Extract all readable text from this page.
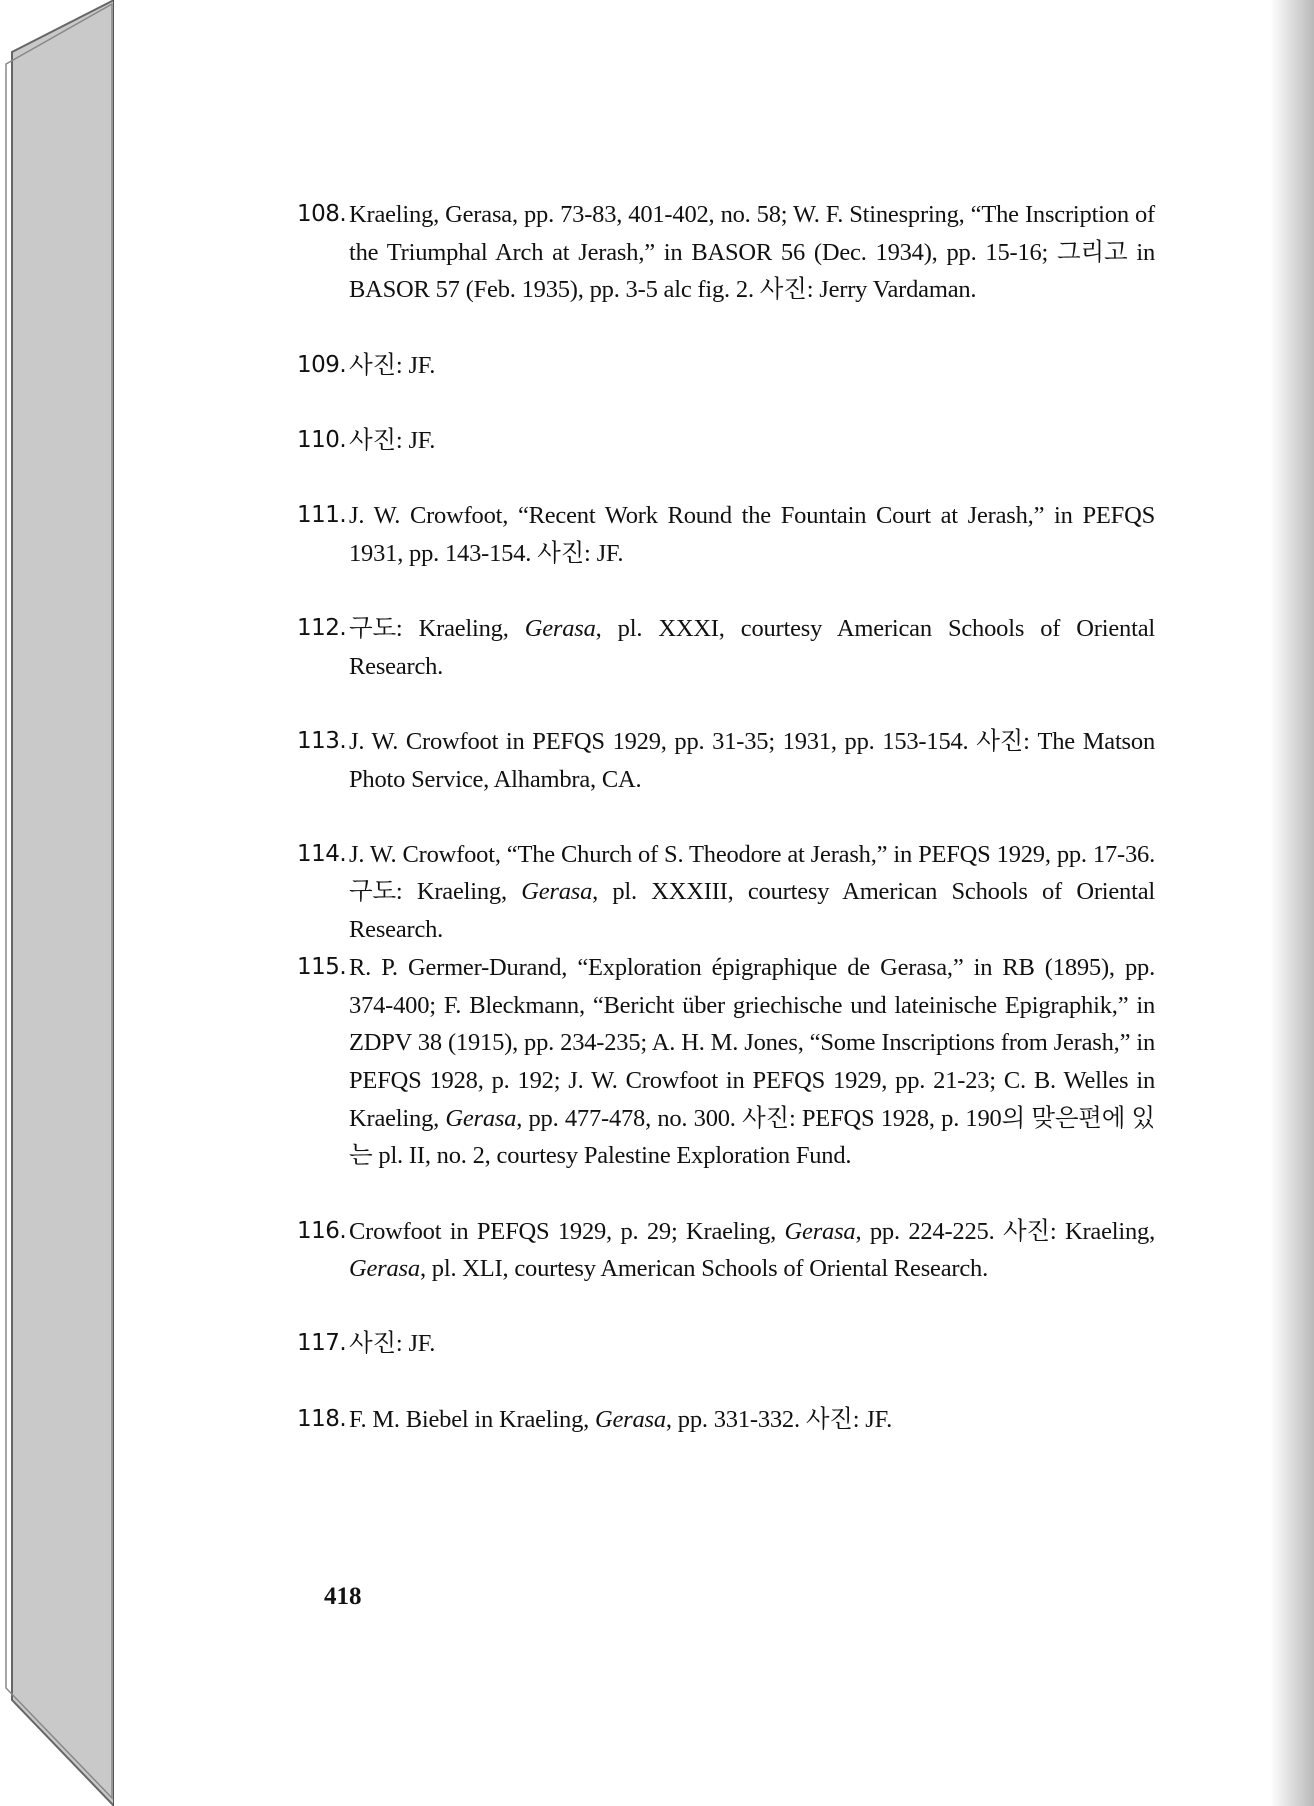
108. Kraeling, Gerasa, pp. 73-83, 401-402, no. 58; W. F. Stinespring, “The Inscription of the Triumphal Arch at Jerash,” in BASOR 56 (Dec. 1934), pp. 15-16; 그리고 in BASOR 57 (Feb. 1935), pp. 3-5 alc fig. 2. 사진: Jerry Vardaman.

109. 사진: JF.

110. 사진: JF.

111. J. W. Crowfoot, “Recent Work Round the Fountain Court at Jerash,” in PEFQS 1931, pp. 143-154. 사진: JF.

112. 구도: Kraeling, Gerasa, pl. XXXI, courtesy American Schools of Oriental Research.

113. J. W. Crowfoot in PEFQS 1929, pp. 31-35; 1931, pp. 153-154. 사진: The Matson Photo Service, Alhambra, CA.

114. J. W. Crowfoot, “The Church of S. Theodore at Jerash,” in PEFQS 1929, pp. 17-36. 구도: Kraeling, Gerasa, pl. XXXIII, courtesy American Schools of Oriental Research.

115. R. P. Germer-Durand, “Exploration épigraphique de Gerasa,” in RB (1895), pp. 374-400; F. Bleckmann, “Bericht über griechische und lateinische Epigraphik,” in ZDPV 38 (1915), pp. 234-235; A. H. M. Jones, “Some Inscriptions from Jerash,” in PEFQS 1928, p. 192; J. W. Crowfoot in PEFQS 1929, pp. 21-23; C. B. Welles in Kraeling, Gerasa, pp. 477-478, no. 300. 사진: PEFQS 1928, p. 190의 맞은편에 있는 pl. II, no. 2, courtesy Palestine Exploration Fund.

116. Crowfoot in PEFQS 1929, p. 29; Kraeling, Gerasa, pp. 224-225. 사진: Kraeling, Gerasa, pl. XLI, courtesy American Schools of Oriental Research.

117. 사진: JF.

118. F. M. Biebel in Kraeling, Gerasa, pp. 331-332. 사진: JF.

418
